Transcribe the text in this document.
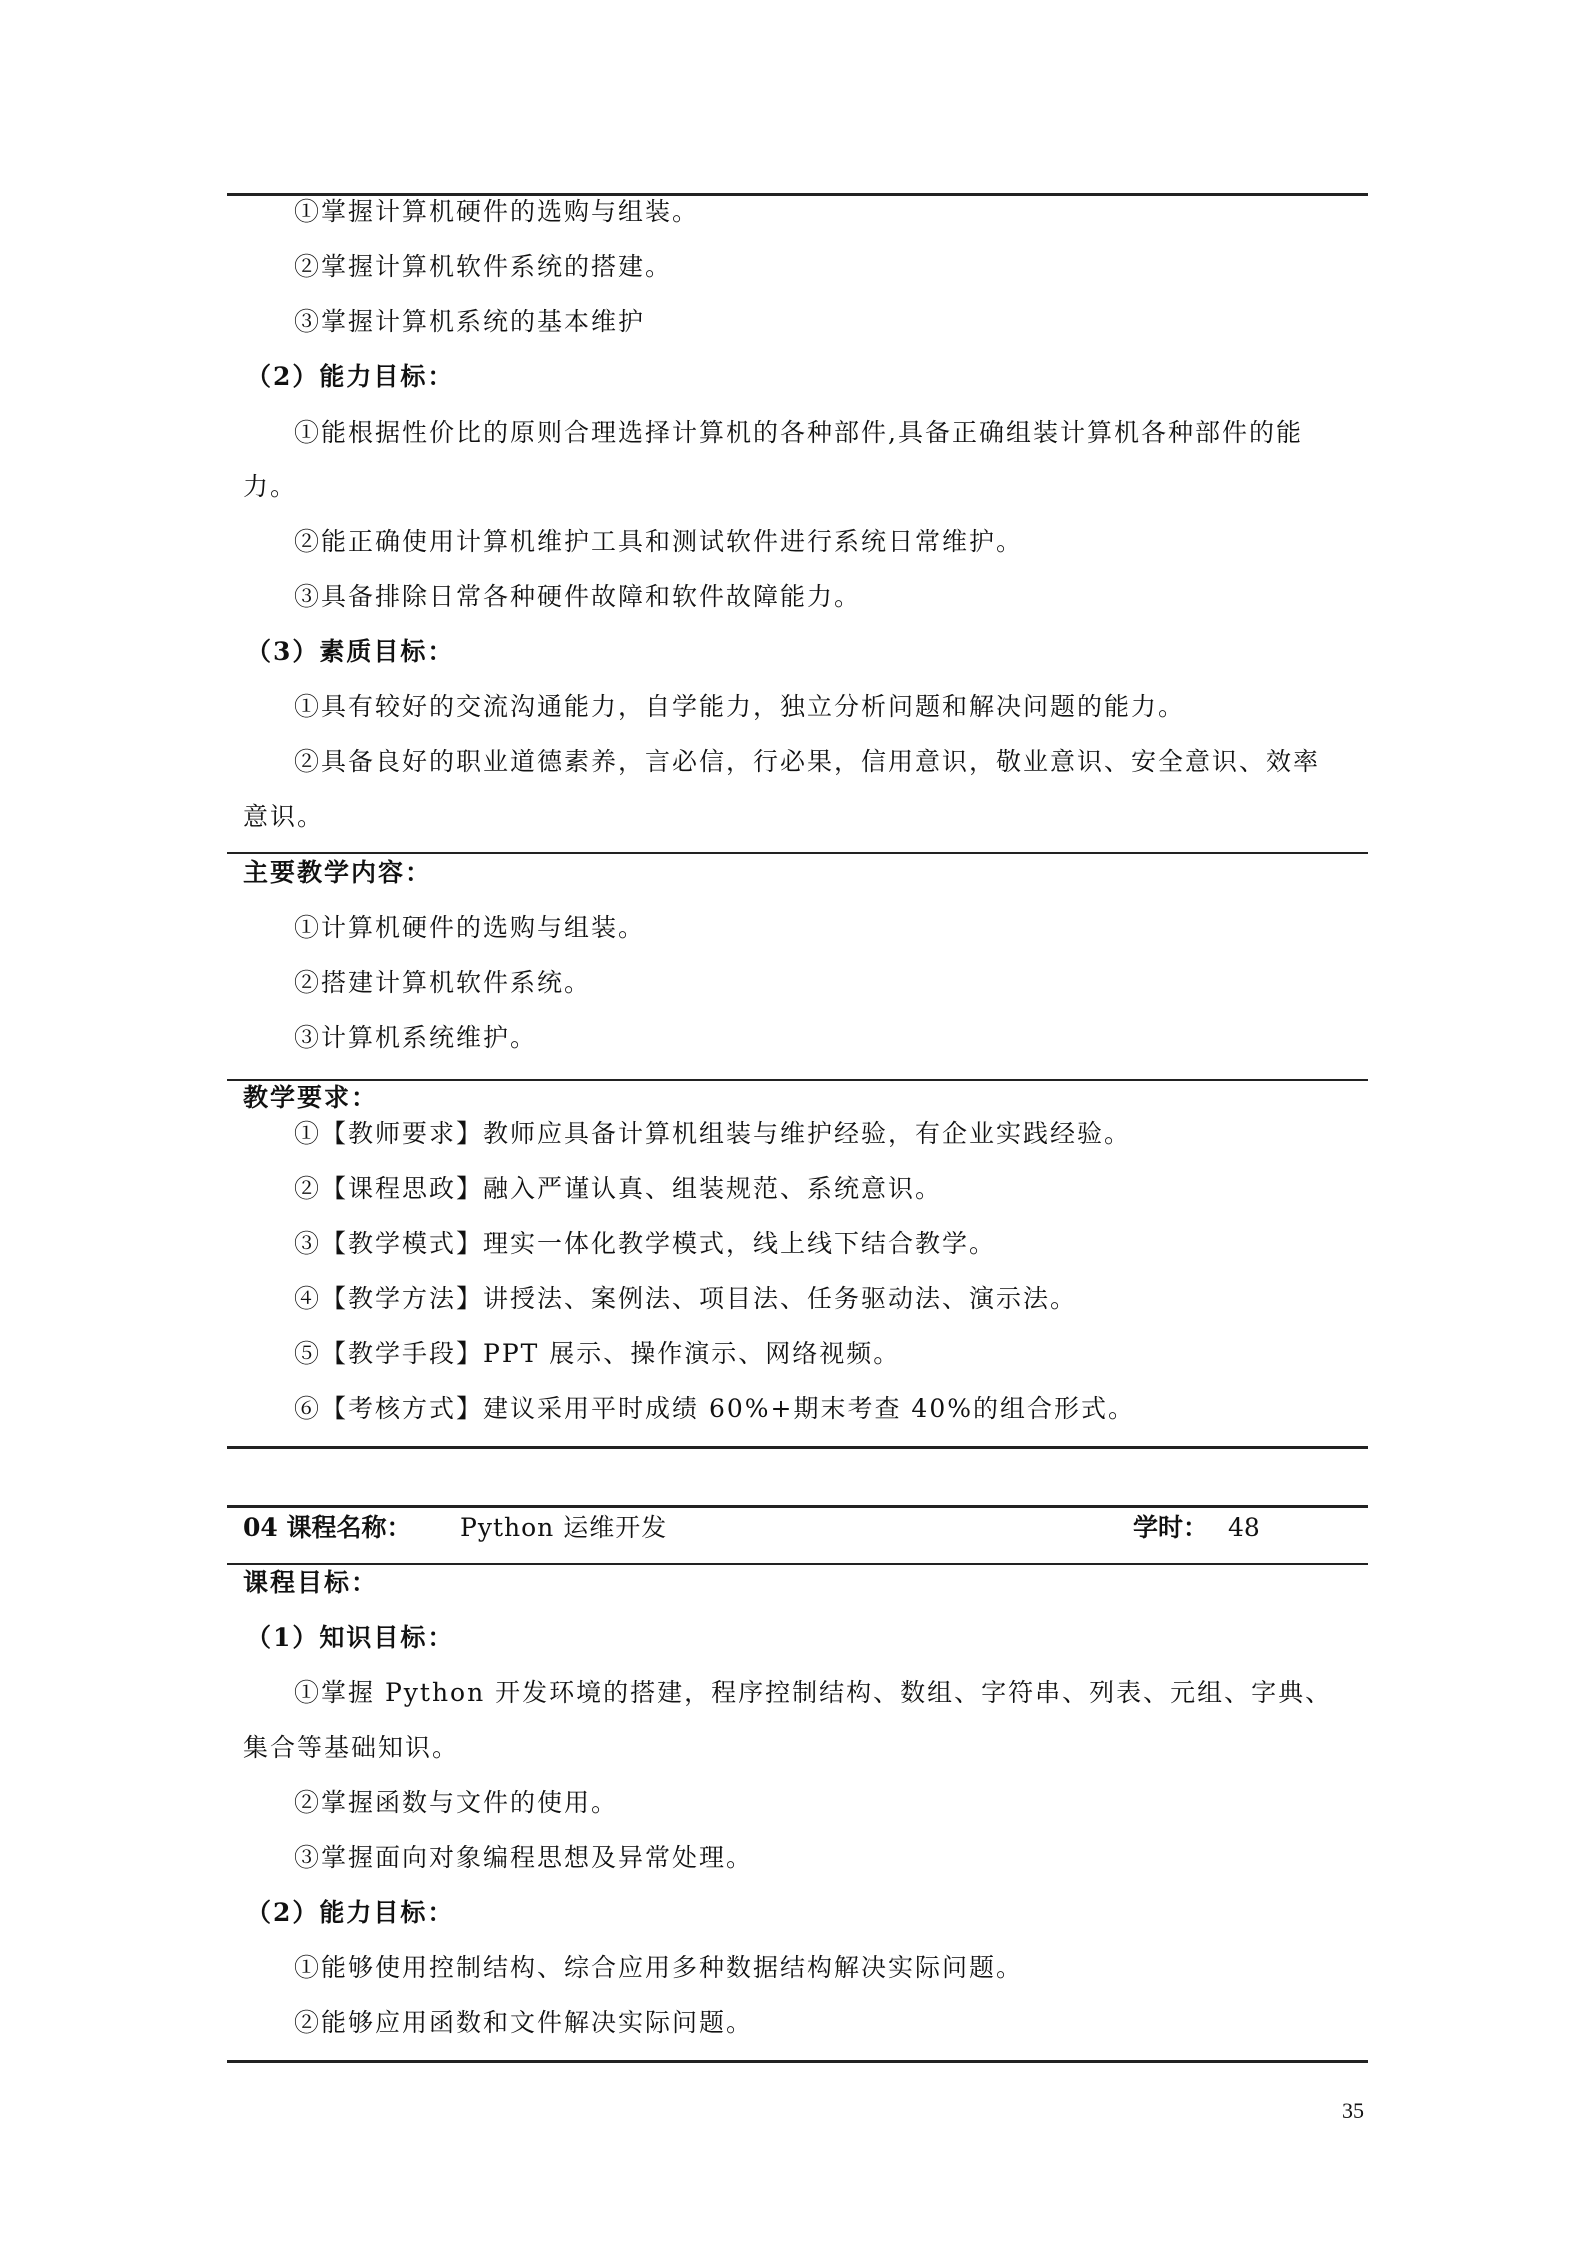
①掌握计算机硬件的选购与组装。
②掌握计算机软件系统的搭建。
③掌握计算机系统的基本维护
（2）能力目标：
①能根据性价比的原则合理选择计算机的各种部件,具备正确组装计算机各种部件的能
力。
②能正确使用计算机维护工具和测试软件进行系统日常维护。
③具备排除日常各种硬件故障和软件故障能力。
（3）素质目标：
①具有较好的交流沟通能力，自学能力，独立分析问题和解决问题的能力。
②具备良好的职业道德素养，言必信，行必果，信用意识，敬业意识、安全意识、效率
意识。
主要教学内容：
①计算机硬件的选购与组装。
②搭建计算机软件系统。
③计算机系统维护。
教学要求：
①【教师要求】教师应具备计算机组装与维护经验，有企业实践经验。
②【课程思政】融入严谨认真、组装规范、系统意识。
③【教学模式】理实一体化教学模式，线上线下结合教学。
④【教学方法】讲授法、案例法、项目法、任务驱动法、演示法。
⑤【教学手段】PPT 展示、操作演示、网络视频。
⑥【考核方式】建议采用平时成绩 60%+期末考查 40%的组合形式。
04 课程名称： Python 运维开发	学时： 48
课程目标：
（1）知识目标：
①掌握 Python 开发环境的搭建，程序控制结构、数组、字符串、列表、元组、字典、
集合等基础知识。
②掌握函数与文件的使用。
③掌握面向对象编程思想及异常处理。
（2）能力目标：
①能够使用控制结构、综合应用多种数据结构解决实际问题。
②能够应用函数和文件解决实际问题。
35
